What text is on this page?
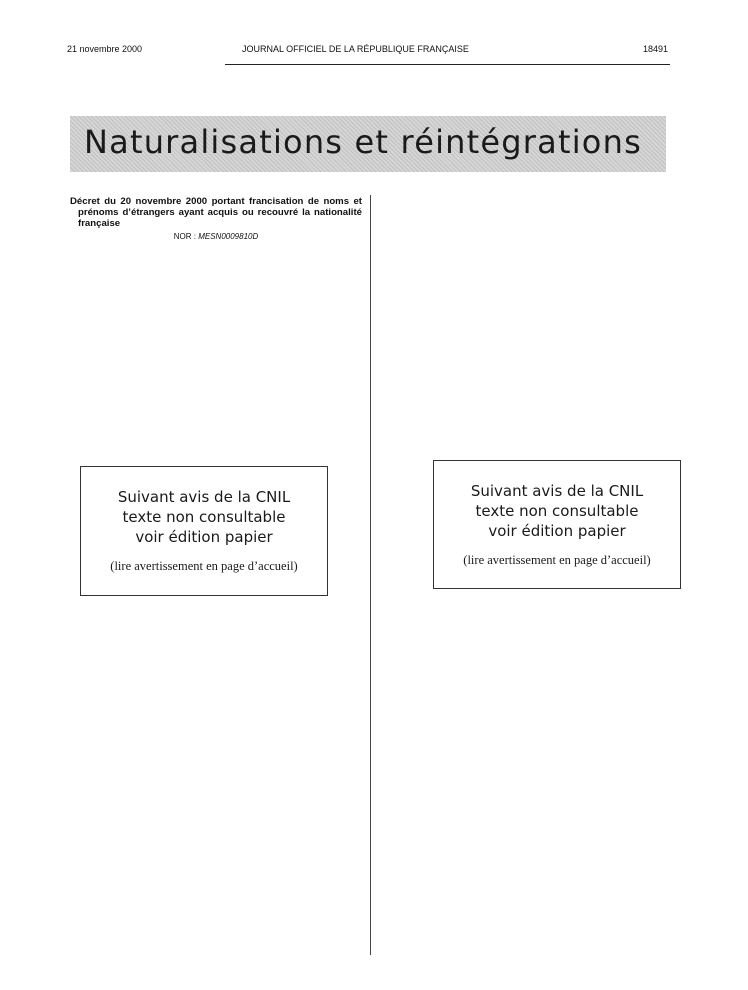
21 novembre 2000	JOURNAL OFFICIEL DE LA RÉPUBLIQUE FRANÇAISE	18491
Naturalisations et réintégrations

Décret du 20 novembre 2000 portant francisation de noms et prénoms d’étrangers ayant acquis ou recouvré la nationalité française

NOR : MESN0009810D

Suivant avis de la CNIL
texte non consultable
voir édition papier
(lire avertissement en page d’accueil)
Suivant avis de la CNIL
texte non consultable
voir édition papier
(lire avertissement en page d’accueil)
